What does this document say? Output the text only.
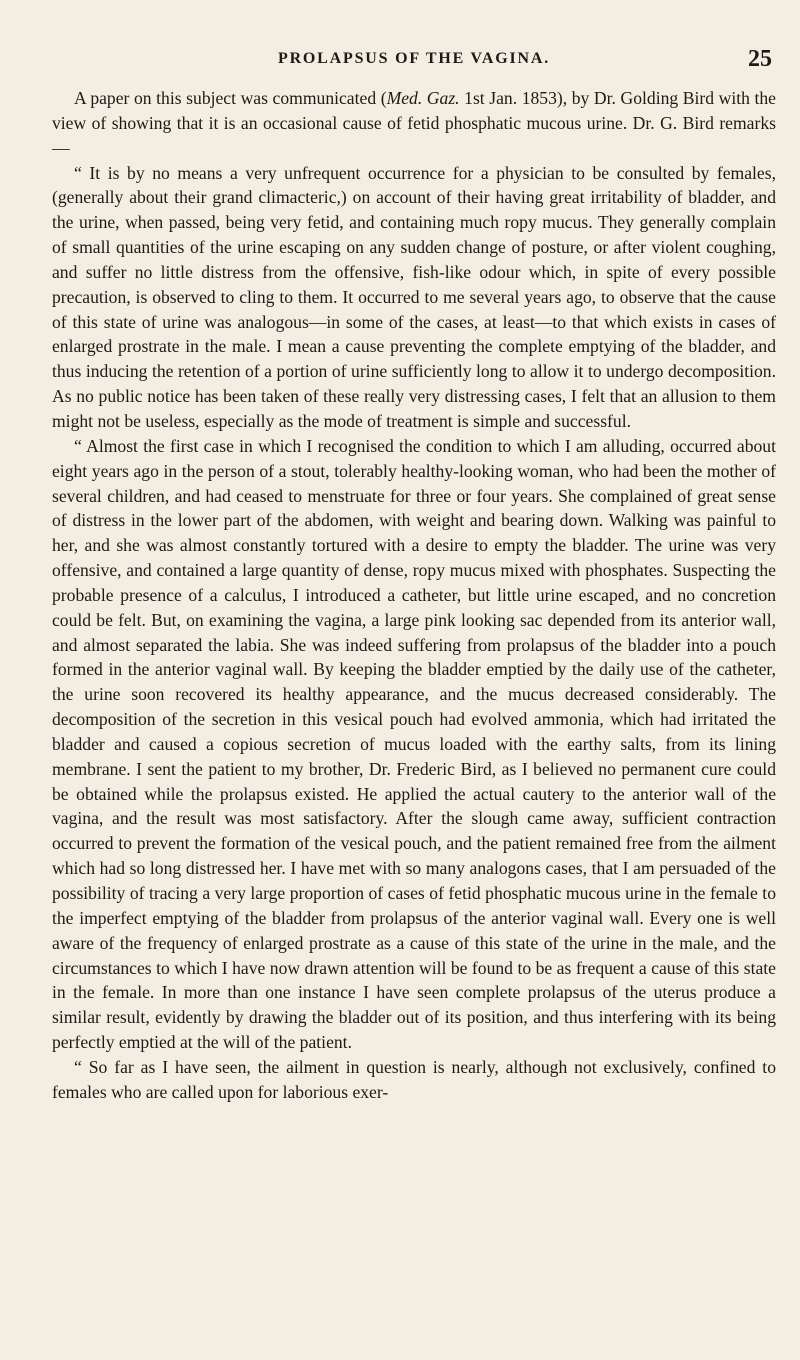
PROLAPSUS OF THE VAGINA.	25

A paper on this subject was communicated (Med. Gaz. 1st Jan. 1853), by Dr. Golding Bird with the view of showing that it is an occasional cause of fetid phosphatic mucous urine. Dr. G. Bird remarks—

“ It is by no means a very unfrequent occurrence for a physician to be consulted by females, (generally about their grand climacteric,) on account of their having great irritability of bladder, and the urine, when passed, being very fetid, and containing much ropy mucus. They generally complain of small quantities of the urine escaping on any sudden change of posture, or after violent coughing, and suffer no little distress from the offensive, fish-like odour which, in spite of every possible precaution, is observed to cling to them. It occurred to me several years ago, to observe that the cause of this state of urine was analogous—in some of the cases, at least—to that which exists in cases of enlarged prostrate in the male. I mean a cause preventing the complete emptying of the bladder, and thus inducing the retention of a portion of urine sufficiently long to allow it to undergo decomposition. As no public notice has been taken of these really very distressing cases, I felt that an allusion to them might not be useless, especially as the mode of treatment is simple and successful.

“ Almost the first case in which I recognised the condition to which I am alluding, occurred about eight years ago in the person of a stout, tolerably healthy-looking woman, who had been the mother of several children, and had ceased to menstruate for three or four years. She complained of great sense of distress in the lower part of the abdomen, with weight and bearing down. Walking was painful to her, and she was almost constantly tortured with a desire to empty the bladder. The urine was very offensive, and contained a large quantity of dense, ropy mucus mixed with phosphates. Suspecting the probable presence of a calculus, I introduced a catheter, but little urine escaped, and no concretion could be felt. But, on examining the vagina, a large pink looking sac depended from its anterior wall, and almost separated the labia. She was indeed suffering from prolapsus of the bladder into a pouch formed in the anterior vaginal wall. By keeping the bladder emptied by the daily use of the catheter, the urine soon recovered its healthy appearance, and the mucus decreased considerably. The decomposition of the secretion in this vesical pouch had evolved ammonia, which had irritated the bladder and caused a copious secretion of mucus loaded with the earthy salts, from its lining membrane. I sent the patient to my brother, Dr. Frederic Bird, as I believed no permanent cure could be obtained while the prolapsus existed. He applied the actual cautery to the anterior wall of the vagina, and the result was most satisfactory. After the slough came away, sufficient contraction occurred to prevent the formation of the vesical pouch, and the patient remained free from the ailment which had so long distressed her. I have met with so many analogons cases, that I am persuaded of the possibility of tracing a very large proportion of cases of fetid phosphatic mucous urine in the female to the imperfect emptying of the bladder from prolapsus of the anterior vaginal wall. Every one is well aware of the frequency of enlarged prostrate as a cause of this state of the urine in the male, and the circumstances to which I have now drawn attention will be found to be as frequent a cause of this state in the female. In more than one instance I have seen complete prolapsus of the uterus produce a similar result, evidently by drawing the bladder out of its position, and thus interfering with its being perfectly emptied at the will of the patient.

“ So far as I have seen, the ailment in question is nearly, although not exclusively, confined to females who are called upon for laborious exer-
